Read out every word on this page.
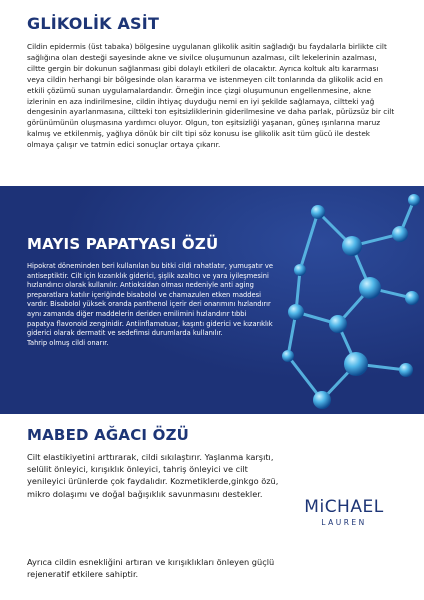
GLİKOLİK ASİT

Cildin epidermis (üst tabaka) bölgesine uygulanan glikolik asitin sağladığı bu faydalarla birlikte cilt sağlığına olan desteği sayesinde akne ve sivilce oluşumunun azalması, cilt lekelerinin azalması, ciltte gergin bir dokunun sağlanması gibi dolaylı etkileri de olacaktır. Ayrıca koltuk altı kararması veya cildin herhangi bir bölgesinde olan kararma ve istenmeyen cilt tonlarında da glikolik acid en etkili çözümü sunan uygulamalardandır. Örneğin ince çizgi oluşumunun engellenmesine, akne izlerinin en aza indirilmesine, cildin ihtiyaç duyduğu nemi en iyi şekilde sağlamaya, ciltteki yağ dengesinin ayarlanmasına, ciltteki ton eşitsizliklerinin giderilmesine ve daha parlak, pürüzsüz bir cilt görünümünün oluşmasına yardımcı oluyor. Olgun, ton eşitsizliği yaşanan, güneş ışınlarına maruz kalmış ve etkilenmiş, yağlıya dönük bir cilt tipi söz konusu ise glikolik asit tüm gücü ile destek olmaya çalışır ve tatmin edici sonuçlar ortaya çıkarır.

MAYIS PAPATYASI ÖZÜ

Hipokrat döneminden beri kullanılan bu bitki cildi rahatlatır, yumuşatır ve antiseptiktir. Cilt için kızarıklık giderici, şişlik azaltıcı ve yara iyileşmesini hızlandırıcı olarak kullanılır. Antioksidan olması nedeniyle anti aging preparatlara katılır içeriğinde bisabolol ve chamazulen etken maddesi vardır. Bisabolol yüksek oranda panthenol içerir deri onarımını hızlandırır aynı zamanda diğer maddelerin deriden emilimini hızlandırır tıbbi papatya flavonoid zenginidir. Antiinflamatuar, kaşıntı giderici ve kızarıklık giderici olarak dermatit ve sedefimsi durumlarda kullanılır.
Tahrip olmuş cildi onarır.

MABED AĞACI ÖZÜ

Cilt elastikiyetini arttırarak, cildi sıkılaştırır. Yaşlanma karşıtı, selülit önleyici, kırışıklık önleyici, tahriş önleyici ve cilt yenileyici ürünlerde çok faydalıdır. Kozmetiklerde,ginkgo özü, mikro dolaşımı ve doğal bağışıklık savunmasını destekler.

Ayrıca cildin esnekliğini artıran ve kırışıklıkları önleyen güçlü rejeneratif etkilere sahiptir.

MiCHAEL
LAUREN
